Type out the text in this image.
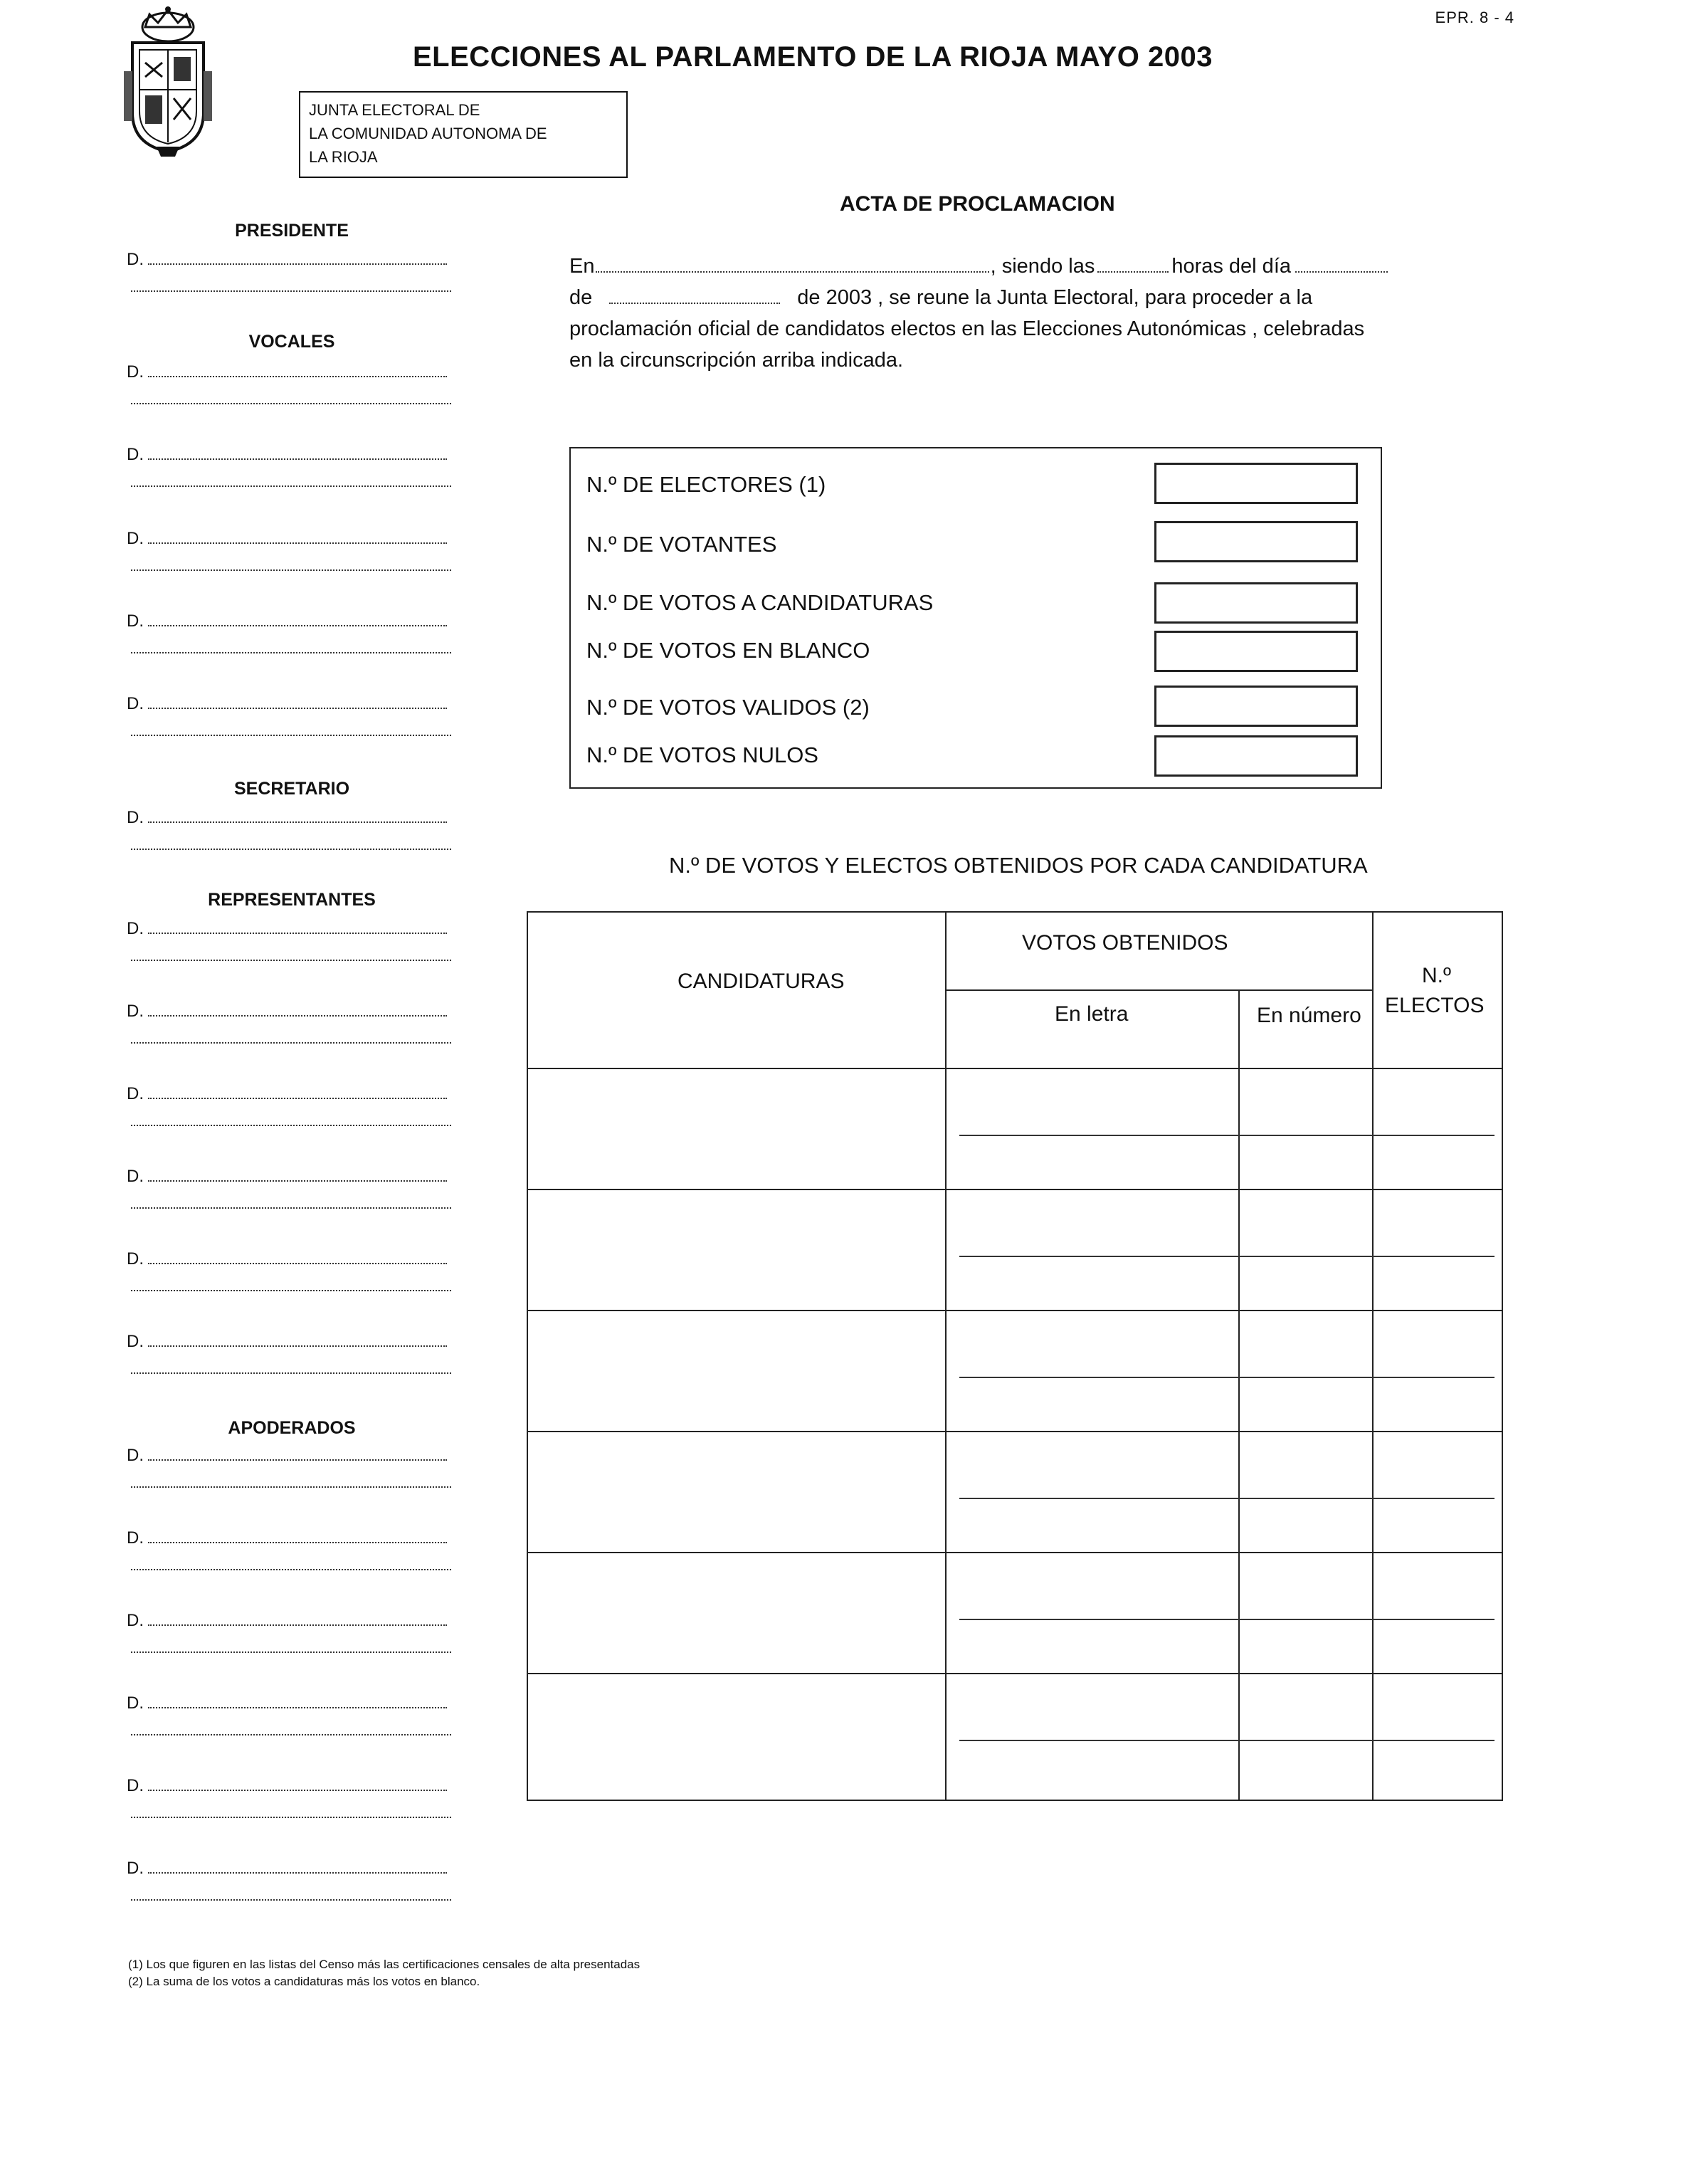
EPR. 8 - 4
ELECCIONES AL PARLAMENTO DE LA RIOJA MAYO 2003
JUNTA ELECTORAL DE
LA COMUNIDAD AUTONOMA DE
LA RIOJA
PRESIDENTE
VOCALES
SECRETARIO
REPRESENTANTES
APODERADOS
D.
D.
D.
D.
D.
D.
D.
D.
D.
D.
D.
D.
D.
D.
D.
D.
D.
D.
D.
ACTA DE PROCLAMACION
En	, siendo las	horas del día
de	de 2003 , se reune la Junta Electoral, para proceder a la
proclamación oficial de candidatos electos en las Elecciones Autonómicas , celebradas
en la circunscripción arriba indicada.
N.º DE ELECTORES (1)
N.º DE VOTANTES
N.º DE VOTOS A CANDIDATURAS
N.º DE VOTOS EN BLANCO
N.º DE VOTOS VALIDOS (2)
N.º DE VOTOS NULOS
N.º DE VOTOS Y ELECTOS OBTENIDOS POR CADA CANDIDATURA
CANDIDATURAS
VOTOS OBTENIDOS
En letra	En número
N.º
ELECTOS
(1) Los que figuren en las listas del Censo más las certificaciones censales de alta presentadas
(2) La suma de los votos a candidaturas más los votos en blanco.
